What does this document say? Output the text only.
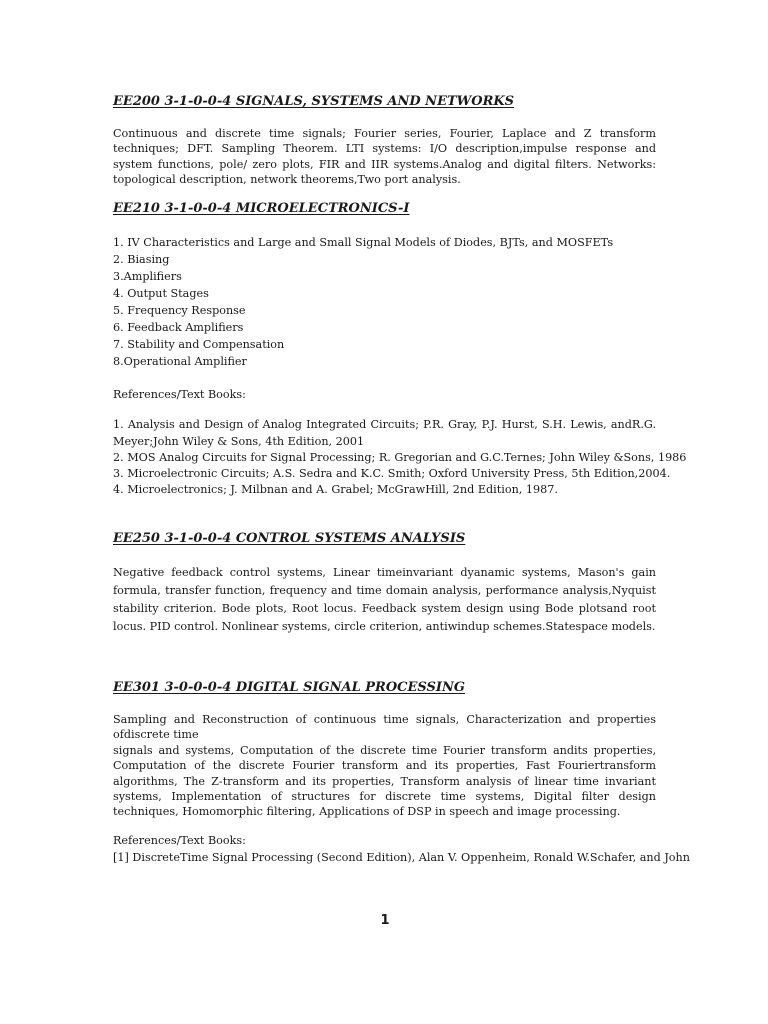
EE200 3-1-0-0-4 SIGNALS, SYSTEMS AND NETWORKS

Continuous and discrete time signals; Fourier series, Fourier, Laplace and Z transform techniques; DFT. Sampling Theorem. LTI systems: I/O description,impulse response and system functions, pole/ zero plots, FIR and IIR systems.Analog and digital filters. Networks: topological description, network theorems,Two port analysis.

EE210 3-1-0-0-4 MICROELECTRONICS-I

1. IV Characteristics and Large and Small Signal Models of Diodes, BJTs, and MOSFETs

2. Biasing

3.Amplifiers

4. Output Stages

5. Frequency Response

6. Feedback Amplifiers

7. Stability and Compensation

8.Operational Amplifier

References/Text Books:

1. Analysis and Design of Analog Integrated Circuits; P.R. Gray, P.J. Hurst, S.H. Lewis, andR.G. Meyer;John Wiley & Sons, 4th Edition, 2001

2. MOS Analog Circuits for Signal Processing; R. Gregorian and G.C.Ternes; John Wiley &Sons, 1986

3. Microelectronic Circuits; A.S. Sedra and K.C. Smith; Oxford University Press, 5th Edition,2004.

4. Microelectronics; J. Milbnan and A. Grabel; McGrawHill, 2nd Edition, 1987.

EE250 3-1-0-0-4 CONTROL SYSTEMS ANALYSIS

Negative feedback control systems, Linear timeinvariant dyanamic systems, Mason's gain formula, transfer function, frequency and time domain analysis, performance analysis,Nyquist stability criterion. Bode plots, Root locus. Feedback system design using Bode plotsand root locus. PID control. Nonlinear systems, circle criterion, antiwindup schemes.Statespace models.

EE301 3-0-0-0-4 DIGITAL SIGNAL PROCESSING

Sampling and Reconstruction of continuous time signals, Characterization and properties ofdiscrete time

signals and systems, Computation of the discrete time Fourier transform andits properties, Computation of the discrete Fourier transform and its properties, Fast Fouriertransform algorithms, The Z-transform and its properties, Transform analysis of linear time invariant systems, Implementation of structures for discrete time systems, Digital filter design techniques, Homomorphic filtering, Applications of DSP in speech and image processing.

References/Text Books:

[1] DiscreteTime Signal Processing (Second Edition), Alan V. Oppenheim, Ronald W.Schafer, and John

1
